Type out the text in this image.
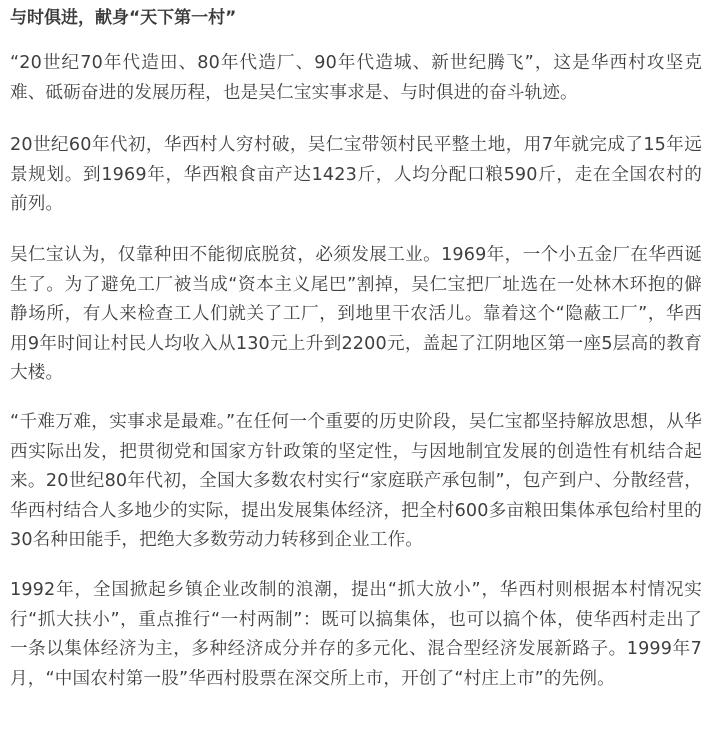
与时俱进，献身“天下第一村”

“20世纪70年代造田、80年代造厂、90年代造城、新世纪腾飞”，这是华西村攻坚克难、砥砺奋进的发展历程，也是吴仁宝实事求是、与时俱进的奋斗轨迹。

20世纪60年代初，华西村人穷村破，吴仁宝带领村民平整土地，用7年就完成了15年远景规划。到1969年，华西粮食亩产达1423斤，人均分配口粮590斤，走在全国农村的前列。

吴仁宝认为，仅靠种田不能彻底脱贫，必须发展工业。1969年，一个小五金厂在华西诞生了。为了避免工厂被当成“资本主义尾巴”割掉，吴仁宝把厂址选在一处林木环抱的僻静场所，有人来检查工人们就关了工厂，到地里干农活儿。靠着这个“隐蔽工厂”，华西用9年时间让村民人均收入从130元上升到2200元，盖起了江阴地区第一座5层高的教育大楼。

“千难万难，实事求是最难。”在任何一个重要的历史阶段，吴仁宝都坚持解放思想，从华西实际出发，把贯彻党和国家方针政策的坚定性，与因地制宜发展的创造性有机结合起来。20世纪80年代初，全国大多数农村实行“家庭联产承包制”，包产到户、分散经营，华西村结合人多地少的实际，提出发展集体经济，把全村600多亩粮田集体承包给村里的30名种田能手，把绝大多数劳动力转移到企业工作。

1992年，全国掀起乡镇企业改制的浪潮，提出“抓大放小”，华西村则根据本村情况实行“抓大扶小”，重点推行“一村两制”：既可以搞集体，也可以搞个体，使华西村走出了一条以集体经济为主，多种经济成分并存的多元化、混合型经济发展新路子。1999年7月，“中国农村第一股”华西村股票在深交所上市，开创了“村庄上市”的先例。
